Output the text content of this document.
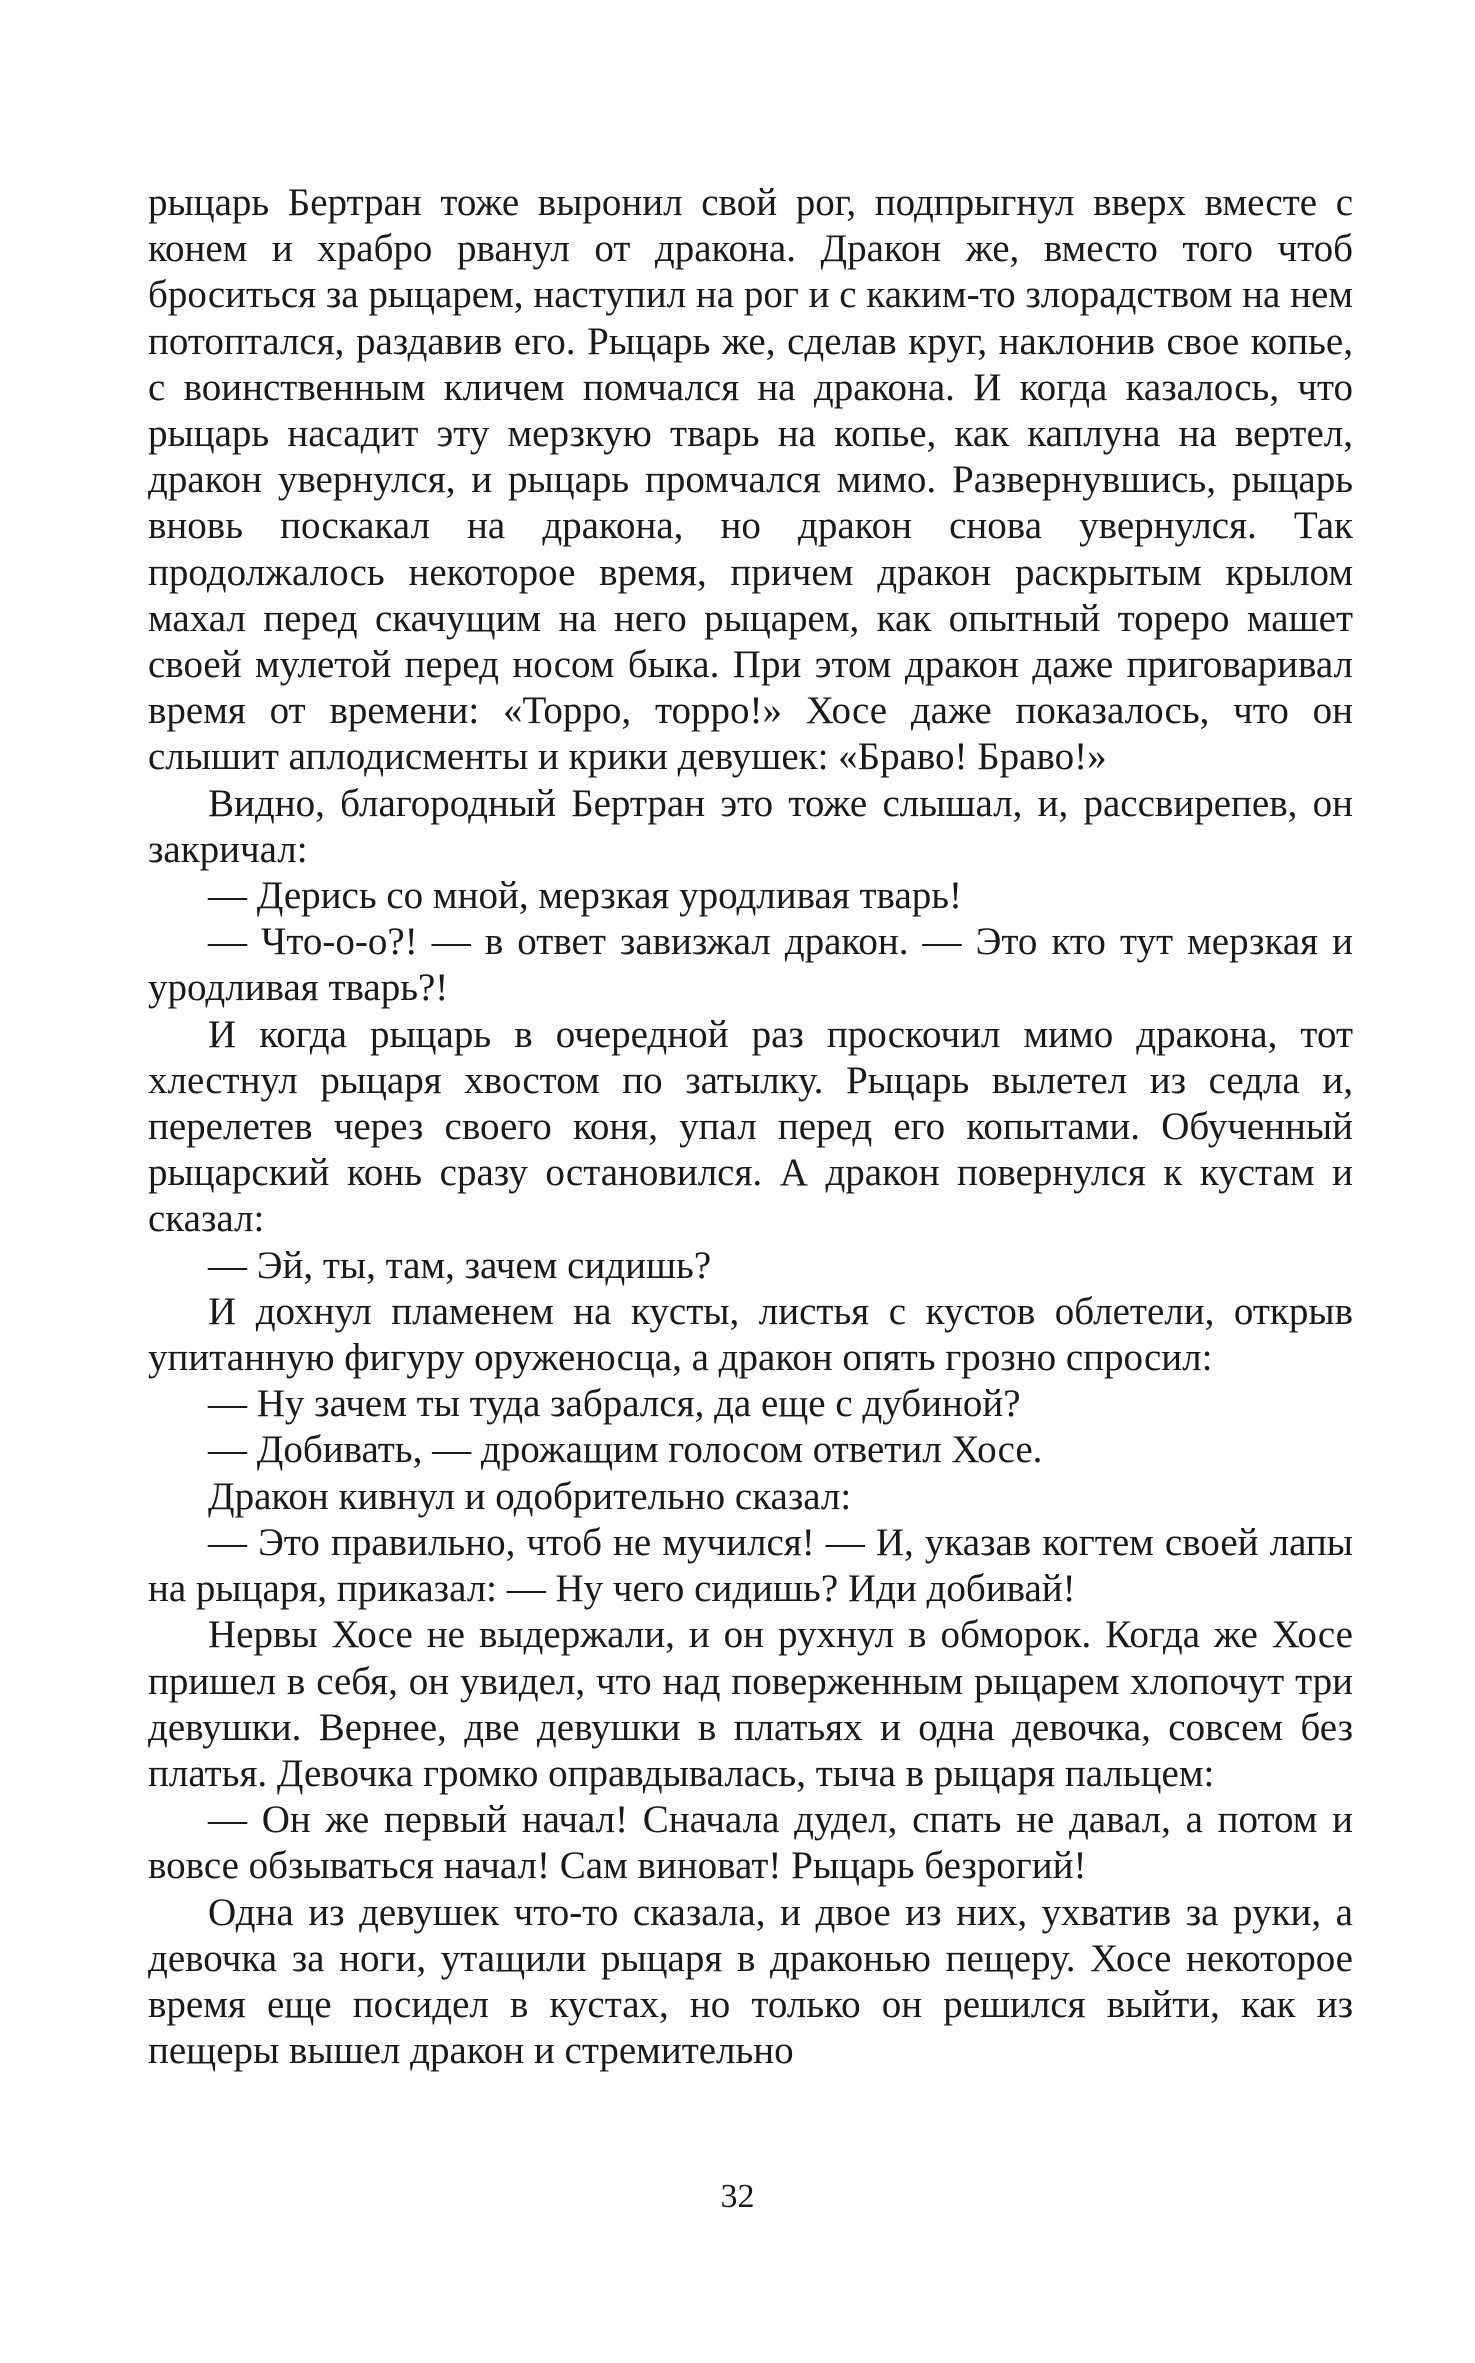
рыцарь Бертран тоже выронил свой рог, подпрыгнул вверх вместе с конем и храбро рванул от дракона. Дракон же, вместо того чтоб броситься за рыцарем, наступил на рог и с каким-то злорадством на нем потоптался, раздавив его. Рыцарь же, сделав круг, наклонив свое копье, с воинственным кличем помчался на дракона. И когда казалось, что рыцарь насадит эту мерзкую тварь на копье, как каплуна на вертел, дракон увернулся, и рыцарь промчался мимо. Развернувшись, рыцарь вновь поскакал на дракона, но дракон снова увернулся. Так продолжалось некоторое время, причем дракон раскрытым крылом махал перед скачущим на него рыцарем, как опытный тореро машет своей мулетой перед носом быка. При этом дракон даже приговаривал время от времени: «Торро, торро!» Хосе даже показалось, что он слышит аплодисменты и крики девушек: «Браво! Браво!»

Видно, благородный Бертран это тоже слышал, и, рассвирепев, он закричал:

— Дерись со мной, мерзкая уродливая тварь!

— Что-о-о?! — в ответ завизжал дракон. — Это кто тут мерзкая и уродливая тварь?!

И когда рыцарь в очередной раз проскочил мимо дракона, тот хлестнул рыцаря хвостом по затылку. Рыцарь вылетел из седла и, перелетев через своего коня, упал перед его копытами. Обученный рыцарский конь сразу остановился. А дракон повернулся к кустам и сказал:

— Эй, ты, там, зачем сидишь?

И дохнул пламенем на кусты, листья с кустов облетели, открыв упитанную фигуру оруженосца, а дракон опять грозно спросил:

— Ну зачем ты туда забрался, да еще с дубиной?

— Добивать, — дрожащим голосом ответил Хосе.

Дракон кивнул и одобрительно сказал:

— Это правильно, чтоб не мучился! — И, указав когтем своей лапы на рыцаря, приказал: — Ну чего сидишь? Иди добивай!

Нервы Хосе не выдержали, и он рухнул в обморок. Когда же Хосе пришел в себя, он увидел, что над поверженным рыцарем хлопочут три девушки. Вернее, две девушки в платьях и одна девочка, совсем без платья. Девочка громко оправдывалась, тыча в рыцаря пальцем:

— Он же первый начал! Сначала дудел, спать не давал, а потом и вовсе обзываться начал! Сам виноват! Рыцарь безрогий!

Одна из девушек что-то сказала, и двое из них, ухватив за руки, а девочка за ноги, утащили рыцаря в драконью пещеру. Хосе некоторое время еще посидел в кустах, но только он решился выйти, как из пещеры вышел дракон и стремительно

32
